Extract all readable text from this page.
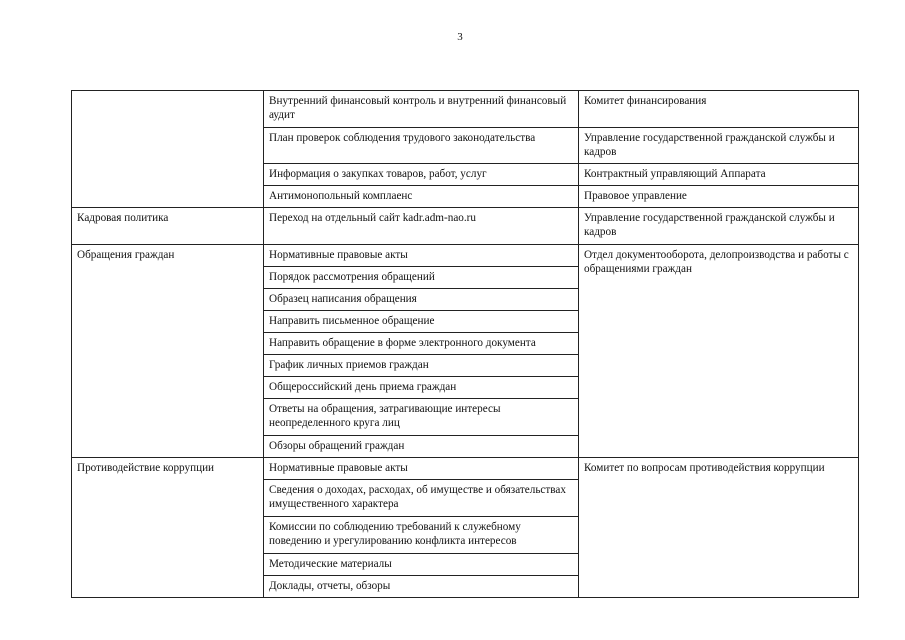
3

	Внутренний финансовый контроль и внутренний финансовый аудит	Комитет финансирования

	План проверок соблюдения трудового законодательства	Управление государственной гражданской службы и кадров

	Информация о закупках товаров, работ, услуг	Контрактный управляющий Аппарата

	Антимонопольный комплаенс	Правовое управление

Кадровая политика	Переход на отдельный сайт kadr.adm-nao.ru	Управление государственной гражданской службы и кадров

Обращения граждан	Нормативные правовые акты	Отдел документооборота, делопроизводства и работы с обращениями граждан

	Порядок рассмотрения обращений	

	Образец написания обращения	

	Направить письменное обращение	

	Направить обращение в форме электронного документа	

	График личных приемов граждан	

	Общероссийский день приема граждан	

	Ответы на обращения, затрагивающие интересы неопределенного круга лиц	

	Обзоры обращений граждан	

Противодействие коррупции	Нормативные правовые акты	Комитет по вопросам противодействия коррупции

	Сведения о доходах, расходах, об имуществе и обязательствах имущественного характера	

	Комиссии по соблюдению требований к служебному поведению и урегулированию конфликта интересов	

	Методические материалы	

	Доклады, отчеты, обзоры	
